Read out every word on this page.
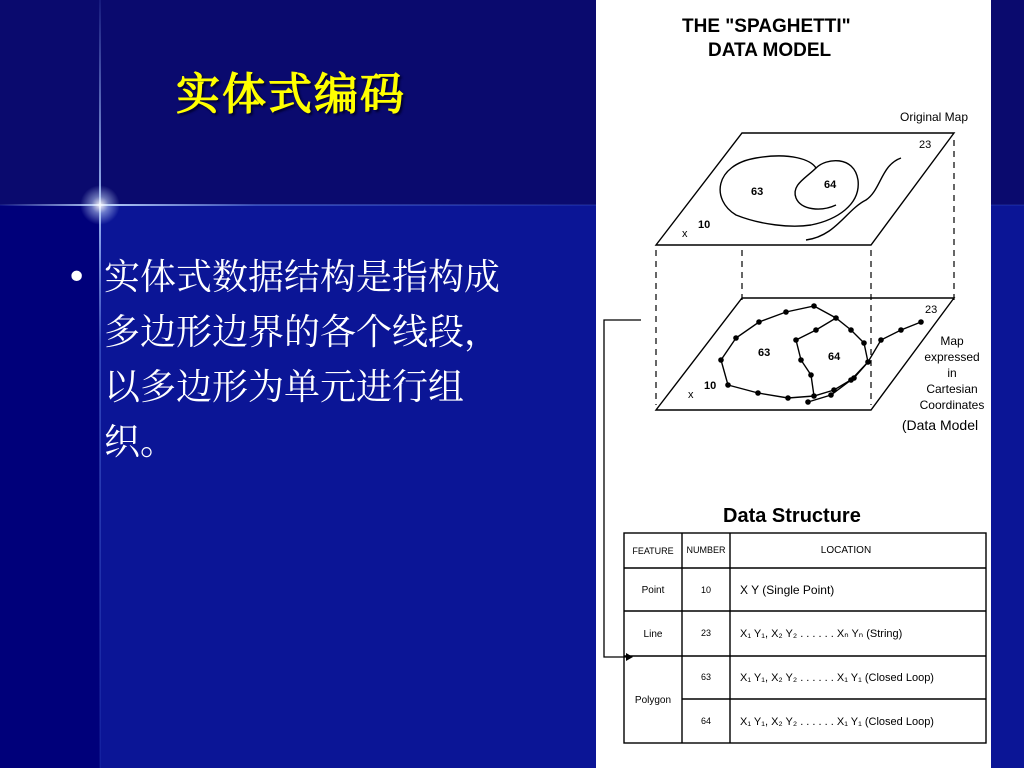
实体式编码
• 实体式数据结构是指构成多边形边界的各个线段，以多边形为单元进行组织。
THE "SPAGHETTI"
DATA MODEL
Original Map
63
64
23
10
x
63	64
23
10
x
Map
expressed
in
Cartesian
Coordinates
(Data Model
Data Structure
FEATURE NUMBER	LOCATION
Point	10 X Y (Single Point)
Line	23	X₁ Y₁, X₂ Y₂ . . . . . . Xₙ Yₙ (String)
Polygon
63	X₁ Y₁, X₂ Y₂ . . . . . . X₁ Y₁ (Closed Loop)
64	X₁ Y₁, X₂ Y₂ . . . . . . X₁ Y₁ (Closed Loop)
